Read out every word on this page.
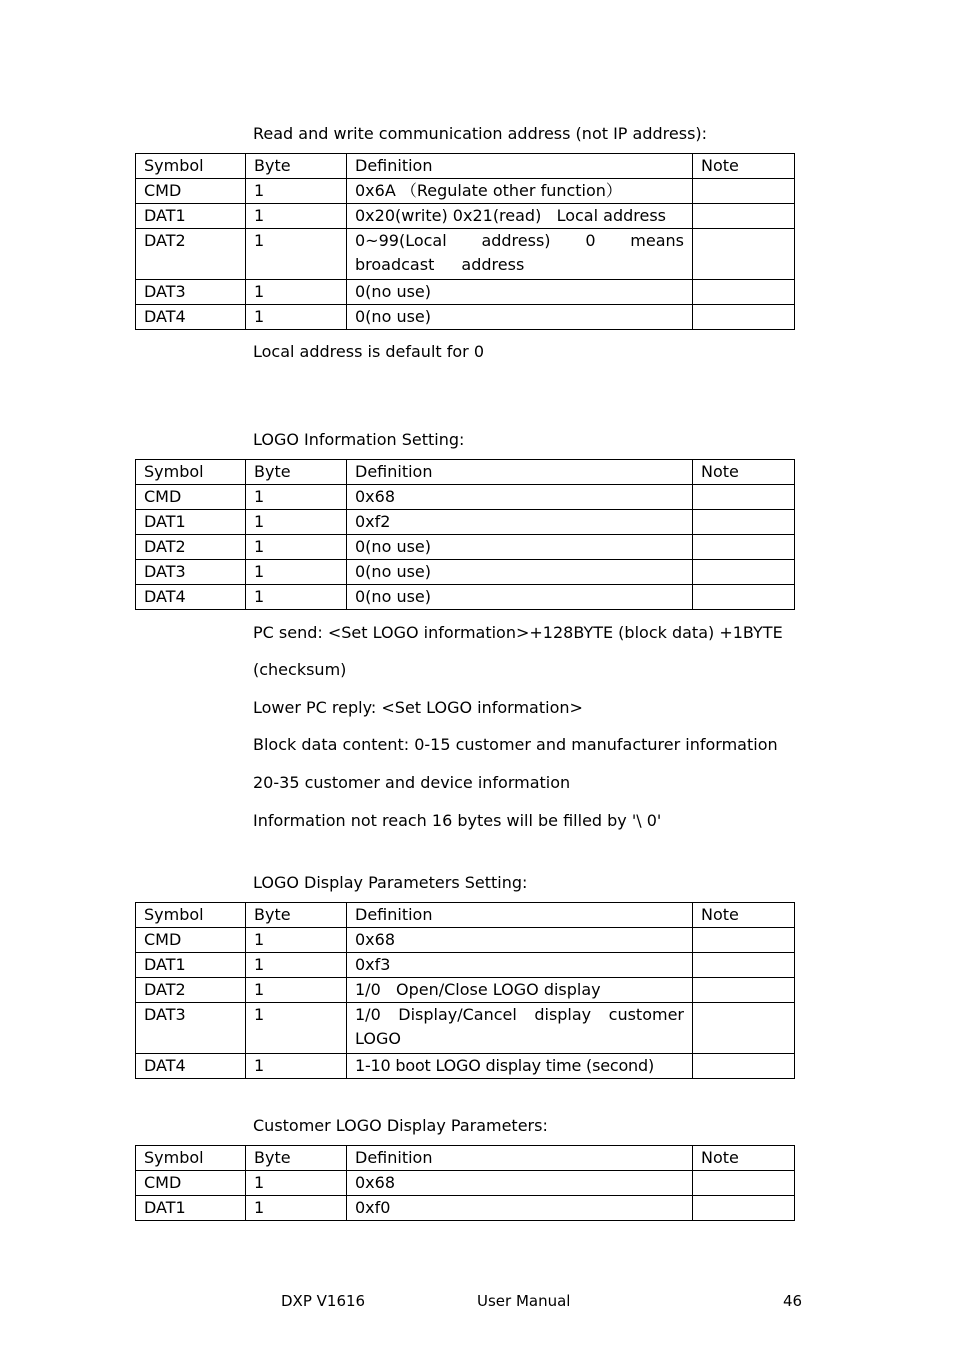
Read and write communication address (not IP address):
Symbol	Byte	Definition	Note
CMD	1	0x6A （Regulate other function）	
DAT1	1	0x20(write) 0x21(read)   Local address	
DAT2	1	0~99(Local address) 0 means broadcast address	
DAT3	1	0(no use)	
DAT4	1	0(no use)	
Local address is default for 0
LOGO Information Setting:
Symbol	Byte	Definition	Note
CMD	1	0x68	
DAT1	1	0xf2	
DAT2	1	0(no use)	
DAT3	1	0(no use)	
DAT4	1	0(no use)	
PC send: <Set LOGO information>+128BYTE (block data) +1BYTE
(checksum)
Lower PC reply: <Set LOGO information>
Block data content: 0-15 customer and manufacturer information
20-35 customer and device information
Information not reach 16 bytes will be filled by '\ 0'
LOGO Display Parameters Setting:
Symbol	Byte	Definition	Note
CMD	1	0x68	
DAT1	1	0xf3	
DAT2	1	1/0   Open/Close LOGO display	
DAT3	1	1/0 Display/Cancel display customer LOGO	
DAT4	1	1-10 boot LOGO display time (second)	
Customer LOGO Display Parameters:
Symbol	Byte	Definition	Note
CMD	1	0x68	
DAT1	1	0xf0	
DXP V1616	User Manual	46
